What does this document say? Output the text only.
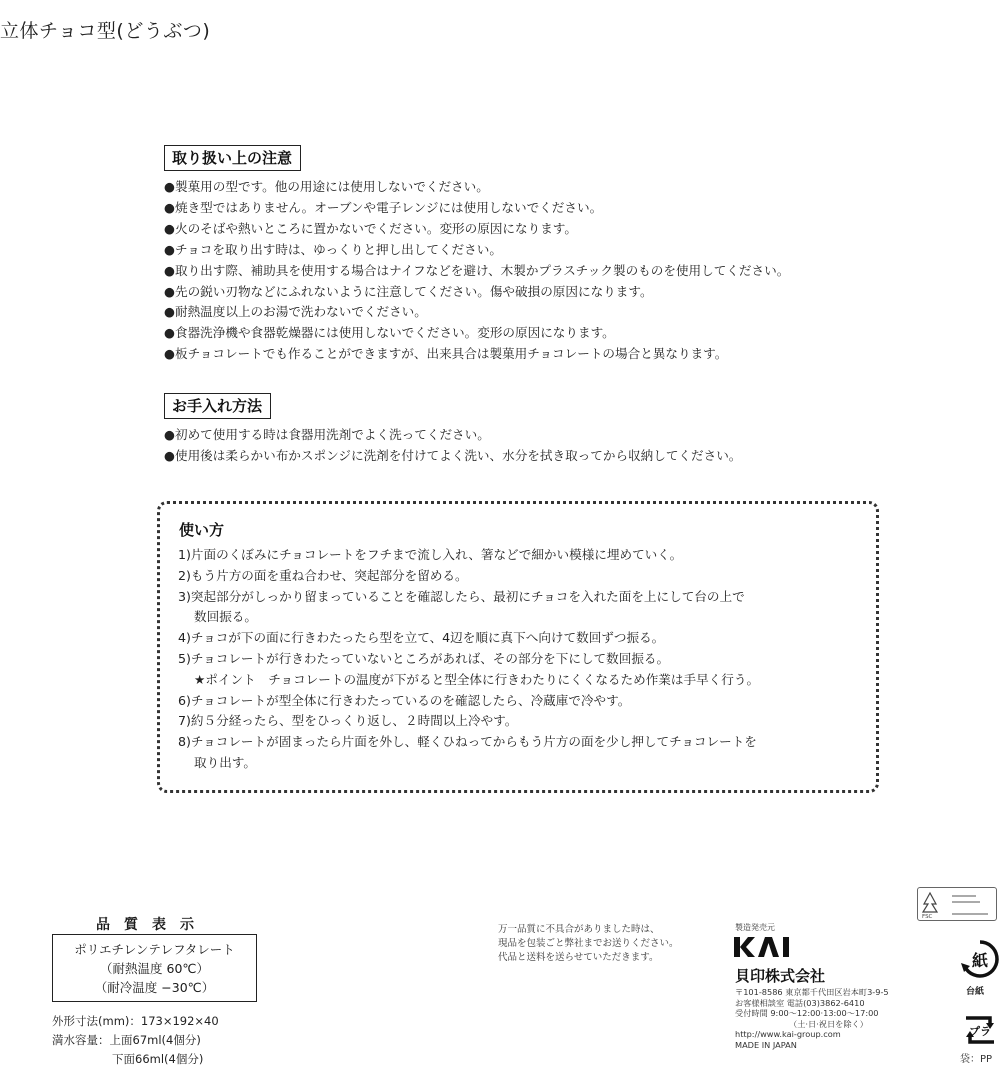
立体チョコ型(どうぶつ)
取り扱い上の注意
●製菓用の型です。他の用途には使用しないでください。
●焼き型ではありません。オーブンや電子レンジには使用しないでください。
●火のそばや熱いところに置かないでください。変形の原因になります。
●チョコを取り出す時は、ゆっくりと押し出してください。
●取り出す際、補助具を使用する場合はナイフなどを避け、木製かプラスチック製のものを使用してください。
●先の鋭い刃物などにふれないように注意してください。傷や破損の原因になります。
●耐熱温度以上のお湯で洗わないでください。
●食器洗浄機や食器乾燥器には使用しないでください。変形の原因になります。
●板チョコレートでも作ることができますが、出来具合は製菓用チョコレートの場合と異なります。
お手入れ方法
●初めて使用する時は食器用洗剤でよく洗ってください。
●使用後は柔らかい布かスポンジに洗剤を付けてよく洗い、水分を拭き取ってから収納してください。
使い方
1)片面のくぼみにチョコレートをフチまで流し入れ、箸などで細かい模様に埋めていく。
2)もう片方の面を重ね合わせ、突起部分を留める。
3)突起部分がしっかり留まっていることを確認したら、最初にチョコを入れた面を上にして台の上で
数回振る。
4)チョコが下の面に行きわたったら型を立て、4辺を順に真下へ向けて数回ずつ振る。
5)チョコレートが行きわたっていないところがあれば、その部分を下にして数回振る。
★ポイント　チョコレートの温度が下がると型全体に行きわたりにくくなるため作業は手早く行う。
6)チョコレートが型全体に行きわたっているのを確認したら、冷蔵庫で冷やす。
7)約５分経ったら、型をひっくり返し、２時間以上冷やす。
8)チョコレートが固まったら片面を外し、軽くひねってからもう片方の面を少し押してチョコレートを
取り出す。
品質表示
ポリエチレンテレフタレート
（耐熱温度 60℃）
（耐冷温度 −30℃）
外形寸法(mm)：173×192×40
満水容量：上面67ml(4個分)
下面66ml(4個分)
万一品質に不具合がありました時は、
現品を包装ごと弊社までお送りください。
代品と送料を送らせていただきます。
製造発売元
貝印株式会社
〒101-8586 東京都千代田区岩本町3-9-5
お客様相談室 電話(03)3862-6410
受付時間 9:00〜12:00·13:00〜17:00
（土·日·祝日を除く）
http://www.kai-group.com
MADE IN JAPAN
FSC
紙
台紙
プラ
袋：PP
